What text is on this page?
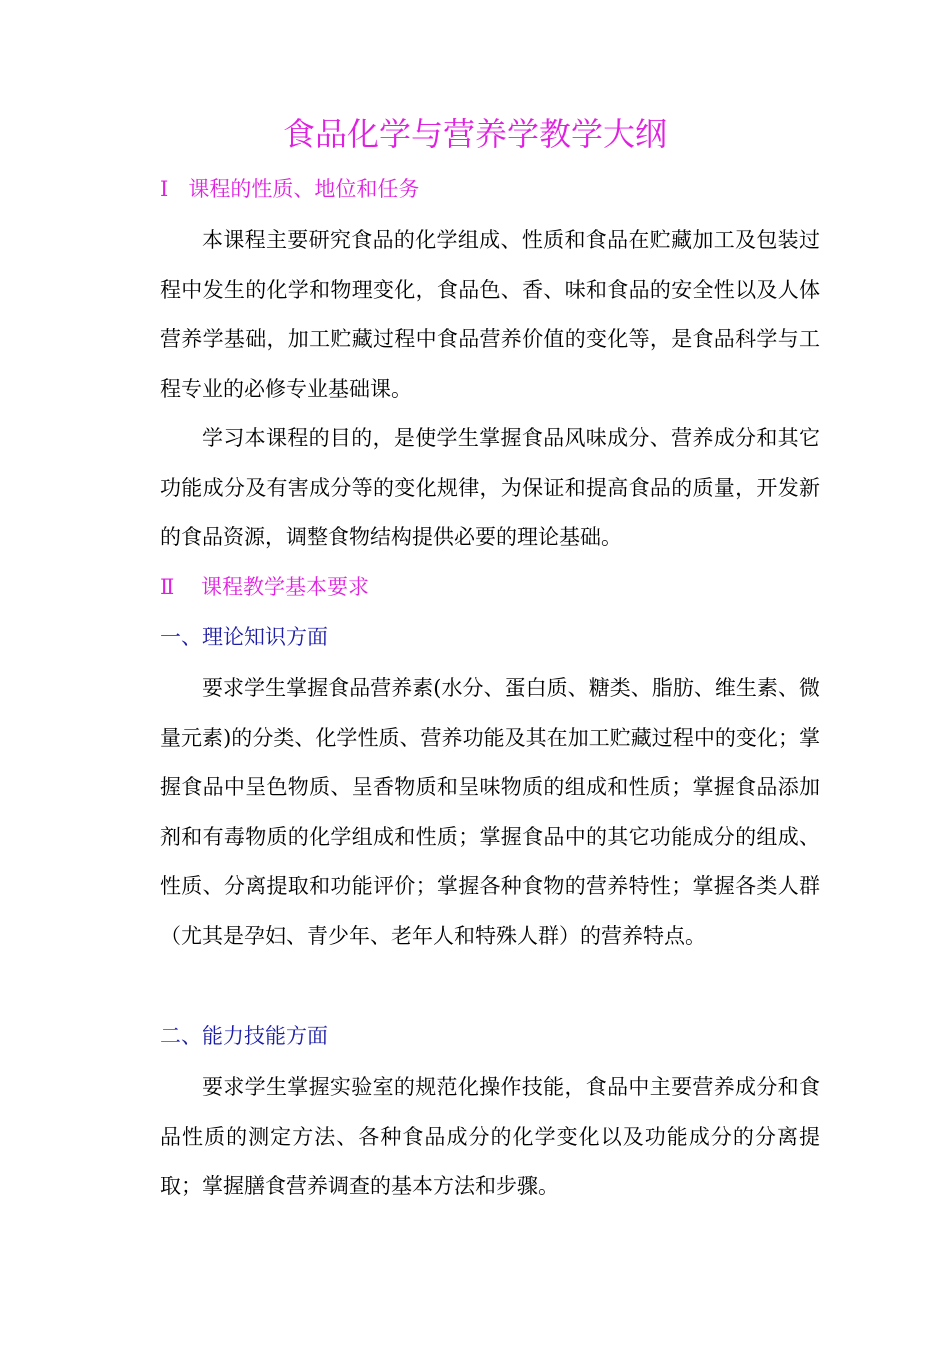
食品化学与营养学教学大纲
Ⅰ 课程的性质、地位和任务

本课程主要研究食品的化学组成、性质和食品在贮藏加工及包装过程中发生的化学和物理变化，食品色、香、味和食品的安全性以及人体营养学基础，加工贮藏过程中食品营养价值的变化等，是食品科学与工程专业的必修专业基础课。

学习本课程的目的，是使学生掌握食品风味成分、营养成分和其它功能成分及有害成分等的变化规律，为保证和提高食品的质量，开发新的食品资源，调整食物结构提供必要的理论基础。

Ⅱ 课程教学基本要求
一、理论知识方面

要求学生掌握食品营养素(水分、蛋白质、糖类、脂肪、维生素、微量元素)的分类、化学性质、营养功能及其在加工贮藏过程中的变化；掌握食品中呈色物质、呈香物质和呈味物质的组成和性质；掌握食品添加剂和有毒物质的化学组成和性质；掌握食品中的其它功能成分的组成、性质、分离提取和功能评价；掌握各种食物的营养特性；掌握各类人群（尤其是孕妇、青少年、老年人和特殊人群）的营养特点。

二、能力技能方面

要求学生掌握实验室的规范化操作技能，食品中主要营养成分和食品性质的测定方法、各种食品成分的化学变化以及功能成分的分离提取；掌握膳食营养调查的基本方法和步骤。
